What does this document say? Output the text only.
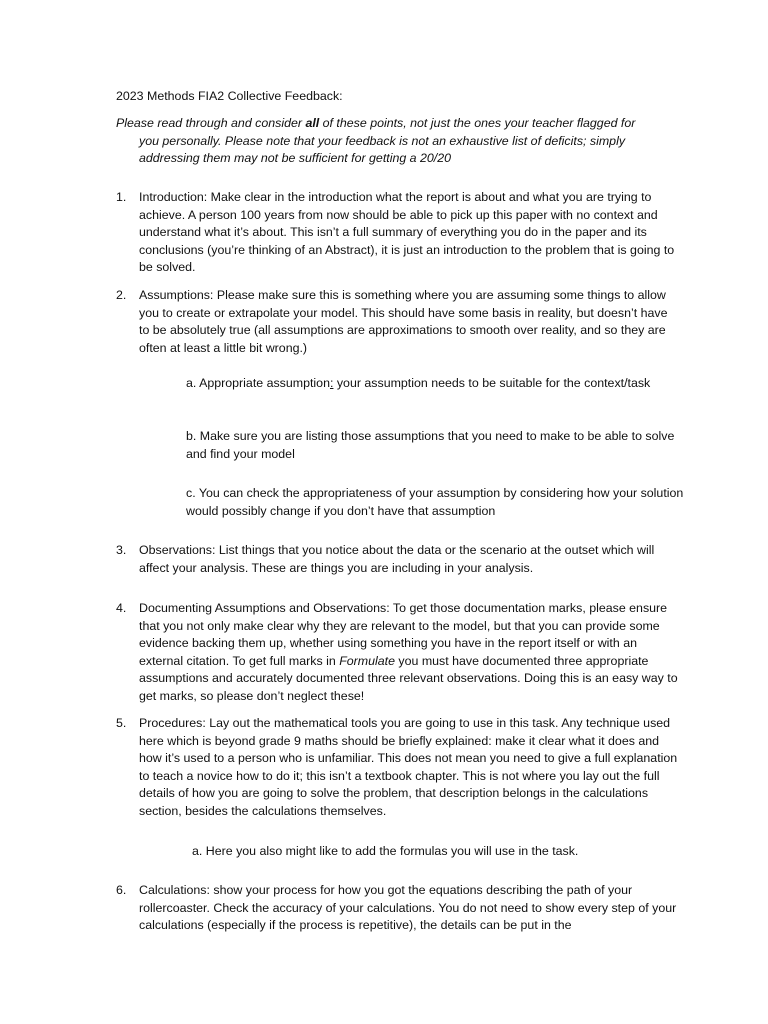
2023 Methods FIA2 Collective Feedback:
Please read through and consider all of these points, not just the ones your teacher flagged for
you personally. Please note that your feedback is not an exhaustive list of deficits; simply addressing them may not be sufficient for getting a 20/20
1.	Introduction: Make clear in the introduction what the report is about and what you are trying to achieve. A person 100 years from now should be able to pick up this paper with no context and understand what it’s about. This isn’t a full summary of everything you do in the paper and its conclusions (you’re thinking of an Abstract), it is just an introduction to the problem that is going to be solved.
2.	Assumptions: Please make sure this is something where you are assuming some things to allow you to create or extrapolate your model. This should have some basis in reality, but doesn’t have to be absolutely true (all assumptions are approximations to smooth over reality, and so they are often at least a little bit wrong.)
a. Appropriate assumption: your assumption needs to be suitable for the context/task
b. Make sure you are listing those assumptions that you need to make to be able to solve and find your model
c. You can check the appropriateness of your assumption by considering how your solution would possibly change if you don’t have that assumption
3.	Observations: List things that you notice about the data or the scenario at the outset which will affect your analysis. These are things you are including in your analysis.
4.	Documenting Assumptions and Observations: To get those documentation marks, please ensure that you not only make clear why they are relevant to the model, but that you can provide some evidence backing them up, whether using something you have in the report itself or with an external citation. To get full marks in Formulate you must have documented three appropriate assumptions and accurately documented three relevant observations. Doing this is an easy way to get marks, so please don’t neglect these!
5.	Procedures: Lay out the mathematical tools you are going to use in this task. Any technique used here which is beyond grade 9 maths should be briefly explained: make it clear what it does and how it’s used to a person who is unfamiliar. This does not mean you need to give a full explanation to teach a novice how to do it; this isn’t a textbook chapter. This is not where you lay out the full details of how you are going to solve the problem, that description belongs in the calculations section, besides the calculations themselves.
a. Here you also might like to add the formulas you will use in the task.
6.	Calculations: show your process for how you got the equations describing the path of your rollercoaster. Check the accuracy of your calculations. You do not need to show every step of your calculations (especially if the process is repetitive), the details can be put in the
